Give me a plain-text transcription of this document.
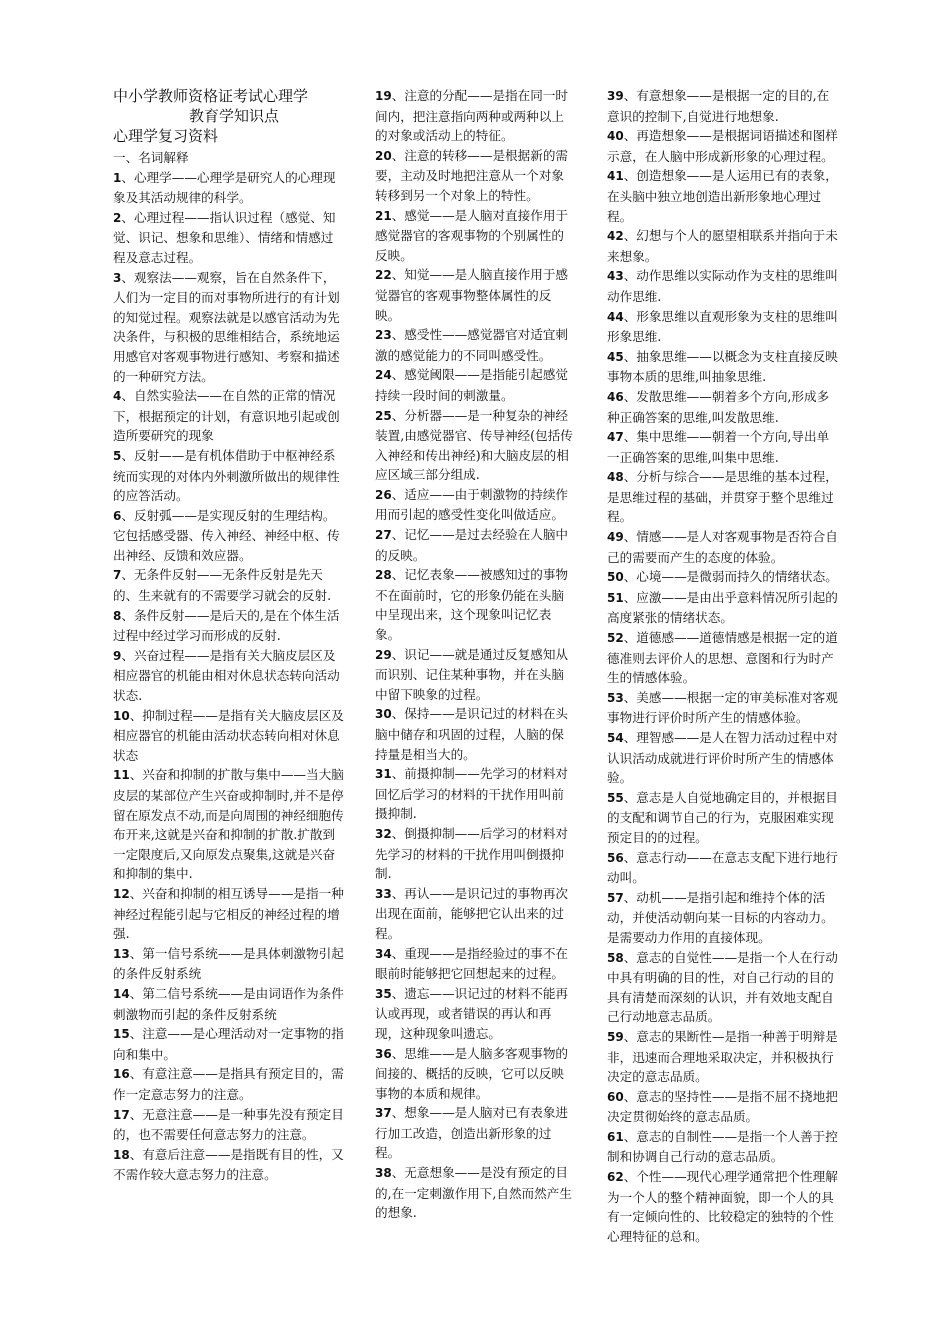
中小学教师资格证考试心理学
教育学知识点
心理学复习资料
一、名词解释

1、心理学——心理学是研究人的心理现象及其活动规律的科学。

2、心理过程——指认识过程（感觉、知觉、识记、想象和思维）、情绪和情感过程及意志过程。

3、观察法——观察，旨在自然条件下，人们为一定目的而对事物所进行的有计划的知觉过程。观察法就是以感官活动为先决条件，与积极的思维相结合，系统地运用感官对客观事物进行感知、考察和描述的一种研究方法。

4、自然实验法——在自然的正常的情况下，根据预定的计划，有意识地引起或创造所要研究的现象

5、反射——是有机体借助于中枢神经系统而实现的对体内外刺激所做出的规律性的应答活动。

6、反射弧——是实现反射的生理结构。它包括感受器、传入神经、神经中枢、传出神经、反馈和效应器。

7、无条件反射——无条件反射是先天的、生来就有的不需要学习就会的反射.

8、条件反射——是后天的,是在个体生活过程中经过学习而形成的反射.

9、兴奋过程——是指有关大脑皮层区及相应器官的机能由相对休息状态转向活动状态.

10、抑制过程——是指有关大脑皮层区及相应器官的机能由活动状态转向相对休息状态

11、兴奋和抑制的扩散与集中——当大脑皮层的某部位产生兴奋或抑制时,并不是停留在原发点不动,而是向周围的神经细胞传布开来,这就是兴奋和抑制的扩散.扩散到一定限度后,又向原发点聚集,这就是兴奋和抑制的集中.

12、兴奋和抑制的相互诱导——是指一种神经过程能引起与它相反的神经过程的增强.

13、第一信号系统——是具体刺激物引起的条件反射系统

14、第二信号系统——是由词语作为条件刺激物而引起的条件反射系统

15、注意——是心理活动对一定事物的指向和集中。

16、有意注意——是指具有预定目的，需作一定意志努力的注意。

17、无意注意——是一种事先没有预定目的，也不需要任何意志努力的注意。

18、有意后注意——是指既有目的性，又不需作较大意志努力的注意。

19、注意的分配——是指在同一时间内，把注意指向两种或两种以上的对象或活动上的特征。

20、注意的转移——是根据新的需要，主动及时地把注意从一个对象转移到另一个对象上的特性。

21、感觉——是人脑对直接作用于感觉器官的客观事物的个别属性的反映。

22、知觉——是人脑直接作用于感觉器官的客观事物整体属性的反映。

23、感受性——感觉器官对适宜刺激的感觉能力的不同叫感受性。

24、感觉阈限——是指能引起感觉持续一段时间的刺激量。

25、分析器——是一种复杂的神经装置,由感觉器官、传导神经(包括传入神经和传出神经)和大脑皮层的相应区域三部分组成.

26、适应——由于刺激物的持续作用而引起的感受性变化叫做适应。

27、记忆——是过去经验在人脑中的反映。

28、记忆表象——被感知过的事物不在面前时，它的形象仍能在头脑中呈现出来，这个现象叫记忆表象。

29、识记——就是通过反复感知从而识别、记住某种事物，并在头脑中留下映象的过程。

30、保持——是识记过的材料在头脑中储存和巩固的过程，人脑的保持量是相当大的。

31、前摄抑制——先学习的材料对回忆后学习的材料的干扰作用叫前摄抑制.

32、倒摄抑制——后学习的材料对先学习的材料的干扰作用叫倒摄抑制.

33、再认——是识记过的事物再次出现在面前，能够把它认出来的过程。

34、重现——是指经验过的事不在眼前时能够把它回想起来的过程。

35、遗忘——识记过的材料不能再认或再现，或者错误的再认和再现，这种现象叫遗忘。

36、思维——是人脑多客观事物的间接的、概括的反映，它可以反映事物的本质和规律。

37、想象——是人脑对已有表象进行加工改造，创造出新形象的过程。

38、无意想象——是没有预定的目的,在一定刺激作用下,自然而然产生的想象.

39、有意想象——是根据一定的目的,在意识的控制下,自觉进行地想象.

40、再造想象——是根据词语描述和图样示意，在人脑中形成新形象的心理过程。

41、创造想象——是人运用已有的表象，在头脑中独立地创造出新形象地心理过程。

42、幻想与个人的愿望相联系并指向于未来想象。

43、动作思维以实际动作为支柱的思维叫动作思维.

44、形象思维以直观形象为支柱的思维叫形象思维.

45、抽象思维——以概念为支柱直接反映事物本质的思维,叫抽象思维.

46、发散思维——朝着多个方向,形成多种正确答案的思维,叫发散思维.

47、集中思维——朝着一个方向,导出单一正确答案的思维,叫集中思维.

48、分析与综合——是思维的基本过程，是思维过程的基础，并贯穿于整个思维过程。

49、情感——是人对客观事物是否符合自己的需要而产生的态度的体验。

50、心境——是微弱而持久的情绪状态。

51、应激——是由出乎意料情况所引起的高度紧张的情绪状态。

52、道德感——道德情感是根据一定的道德准则去评价人的思想、意图和行为时产生的情感体验。

53、美感——根据一定的审美标准对客观事物进行评价时所产生的情感体验。

54、理智感——是人在智力活动过程中对认识活动成就进行评价时所产生的情感体验。

55、意志是人自觉地确定目的，并根据目的支配和调节自己的行为，克服困难实现预定目的的过程。

56、意志行动——在意志支配下进行地行动叫。

57、动机——是指引起和维持个体的活动，并使活动朝向某一目标的内容动力。是需要动力作用的直接体现。

58、意志的自觉性——是指一个人在行动中具有明确的目的性，对自己行动的目的具有清楚而深刻的认识，并有效地支配自己行动地意志品质。

59、意志的果断性—是指一种善于明辩是非，迅速而合理地采取决定，并积极执行决定的意志品质。

60、意志的坚持性——是指不屈不挠地把决定贯彻始终的意志品质。

61、意志的自制性——是指一个人善于控制和协调自己行动的意志品质。

62、个性——现代心理学通常把个性理解为一个人的整个精神面貌，即一个人的具有一定倾向性的、比较稳定的独特的个性心理特征的总和。
